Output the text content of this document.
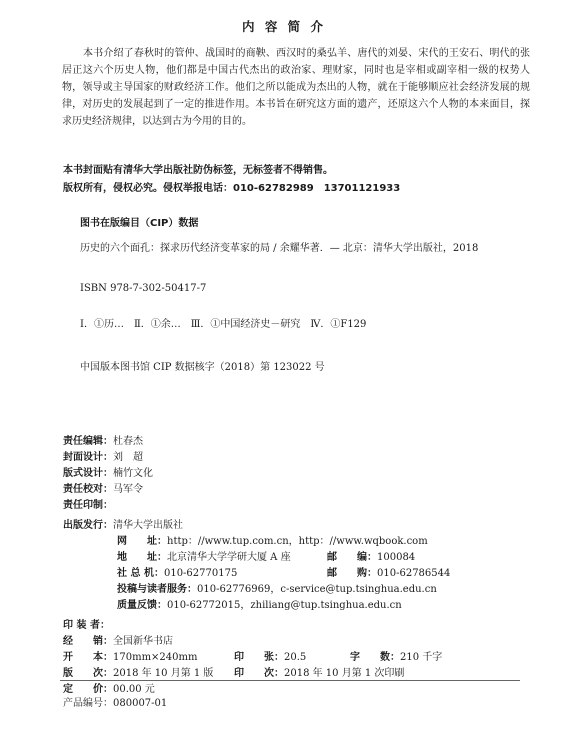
内 容 简 介
本书介绍了春秋时的管仲、战国时的商鞅、西汉时的桑弘羊、唐代的刘晏、宋代的王安石、明代的张居正这六个历史人物，他们都是中国古代杰出的政治家、理财家，同时也是宰相或副宰相一级的权势人物，领导或主导国家的财政经济工作。他们之所以能成为杰出的人物，就在于能够顺应社会经济发展的规律，对历史的发展起到了一定的推进作用。本书旨在研究这方面的遗产，还原这六个人物的本来面目，探求历史经济规律，以达到古为今用的目的。
本书封面贴有清华大学出版社防伪标签，无标签者不得销售。
版权所有，侵权必究。侵权举报电话：010-62782989　13701121933
图书在版编目（CIP）数据
历史的六个面孔：探求历代经济变革家的局 / 余耀华著．— 北京：清华大学出版社，2018
ISBN 978-7-302-50417-7
Ⅰ．①历…　Ⅱ．①余…　Ⅲ．①中国经济史－研究　Ⅳ．①F129
中国版本图书馆 CIP 数据核字（2018）第 123022 号
责任编辑：杜春杰
封面设计：刘　超
版式设计：楠竹文化
责任校对：马军令
责任印制：
出版发行：清华大学出版社
网　　址：http：//www.tup.com.cn，http：//www.wqbook.com
地　　址：北京清华大学学研大厦 A 座	邮　　编：100084
社 总 机：010-62770175	邮　　购：010-62786544
投稿与读者服务：010-62776969，c-service@tup.tsinghua.edu.cn
质量反馈：010-62772015，zhiliang@tup.tsinghua.edu.cn
印 装 者：
经　　销：全国新华书店
开　　本：170mm×240mm	印　　张：20.5	字　　数：210 千字
版　　次：2018 年 10 月第 1 版 印　　次：2018 年 10 月第 1 次印刷
定　　价：00.00 元
产品编号：080007-01
